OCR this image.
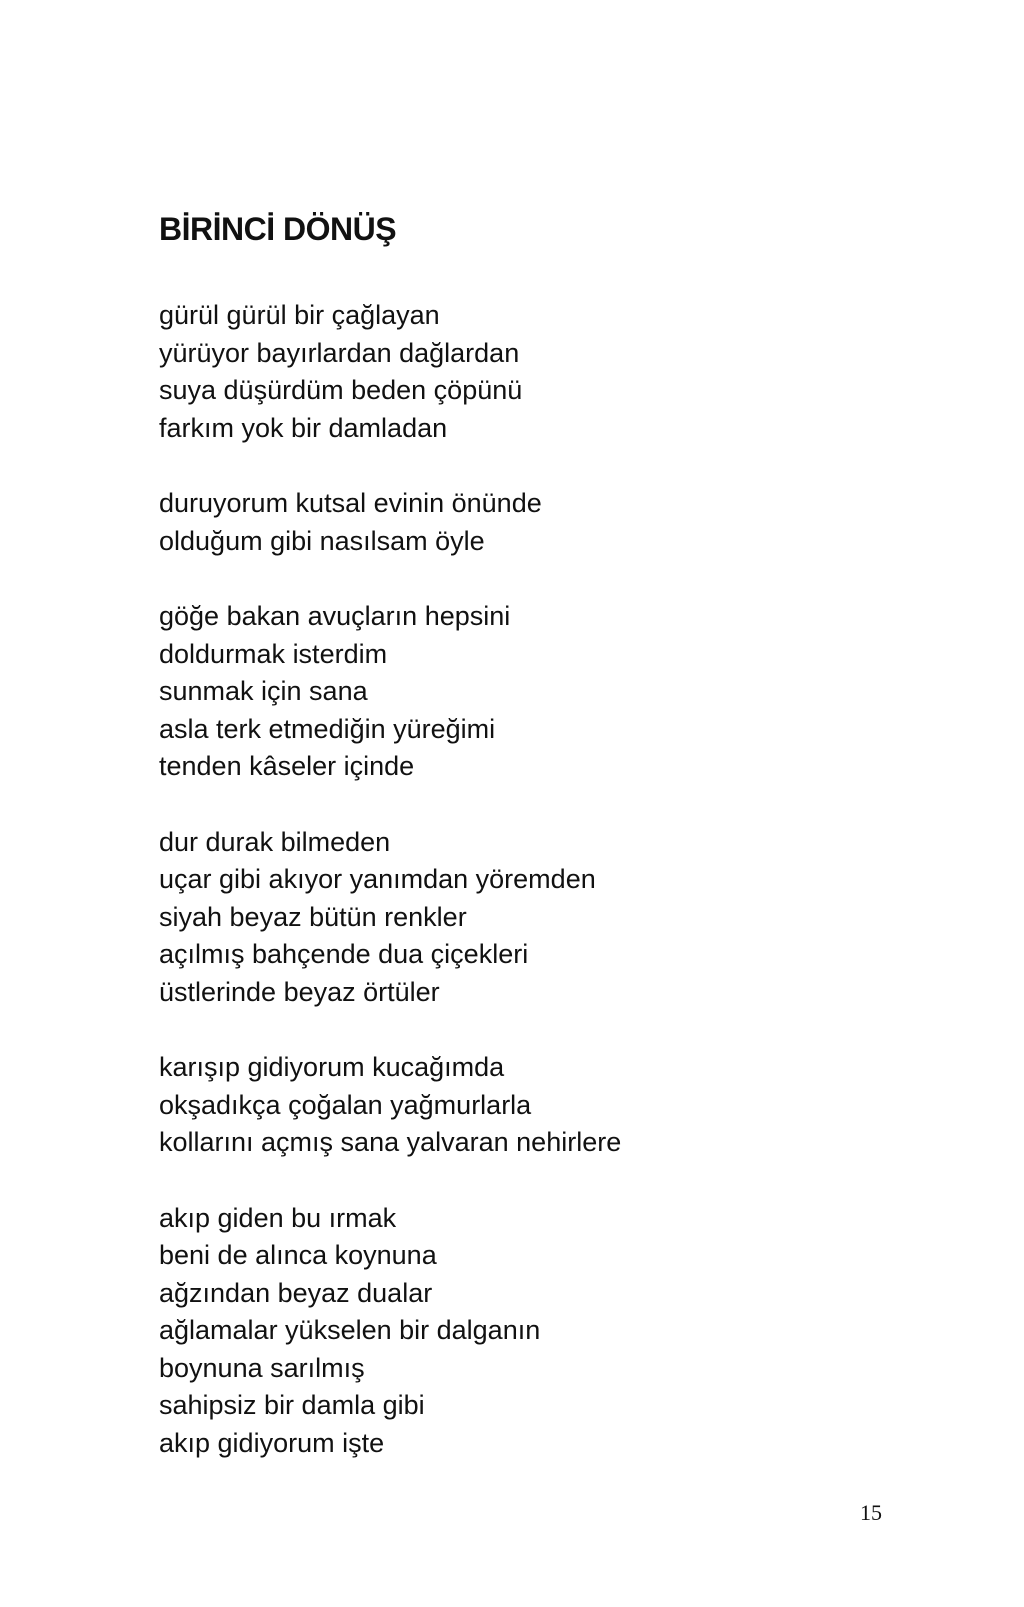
BİRİNCİ DÖNÜŞ
gürül gürül bir çağlayan
yürüyor bayırlardan dağlardan
suya düşürdüm beden çöpünü
farkım yok bir damladan
duruyorum kutsal evinin önünde
olduğum gibi nasılsam öyle
göğe bakan avuçların hepsini
doldurmak isterdim
sunmak için sana
asla terk etmediğin yüreğimi
tenden kâseler içinde
dur durak bilmeden
uçar gibi akıyor yanımdan yöremden
siyah beyaz bütün renkler
açılmış bahçende dua çiçekleri
üstlerinde beyaz örtüler
karışıp gidiyorum kucağımda
okşadıkça çoğalan yağmurlarla
kollarını açmış sana yalvaran nehirlere
akıp giden bu ırmak
beni de alınca koynuna
ağzından beyaz dualar
ağlamalar yükselen bir dalganın
boynuna sarılmış
sahipsiz bir damla gibi
akıp gidiyorum işte
15
